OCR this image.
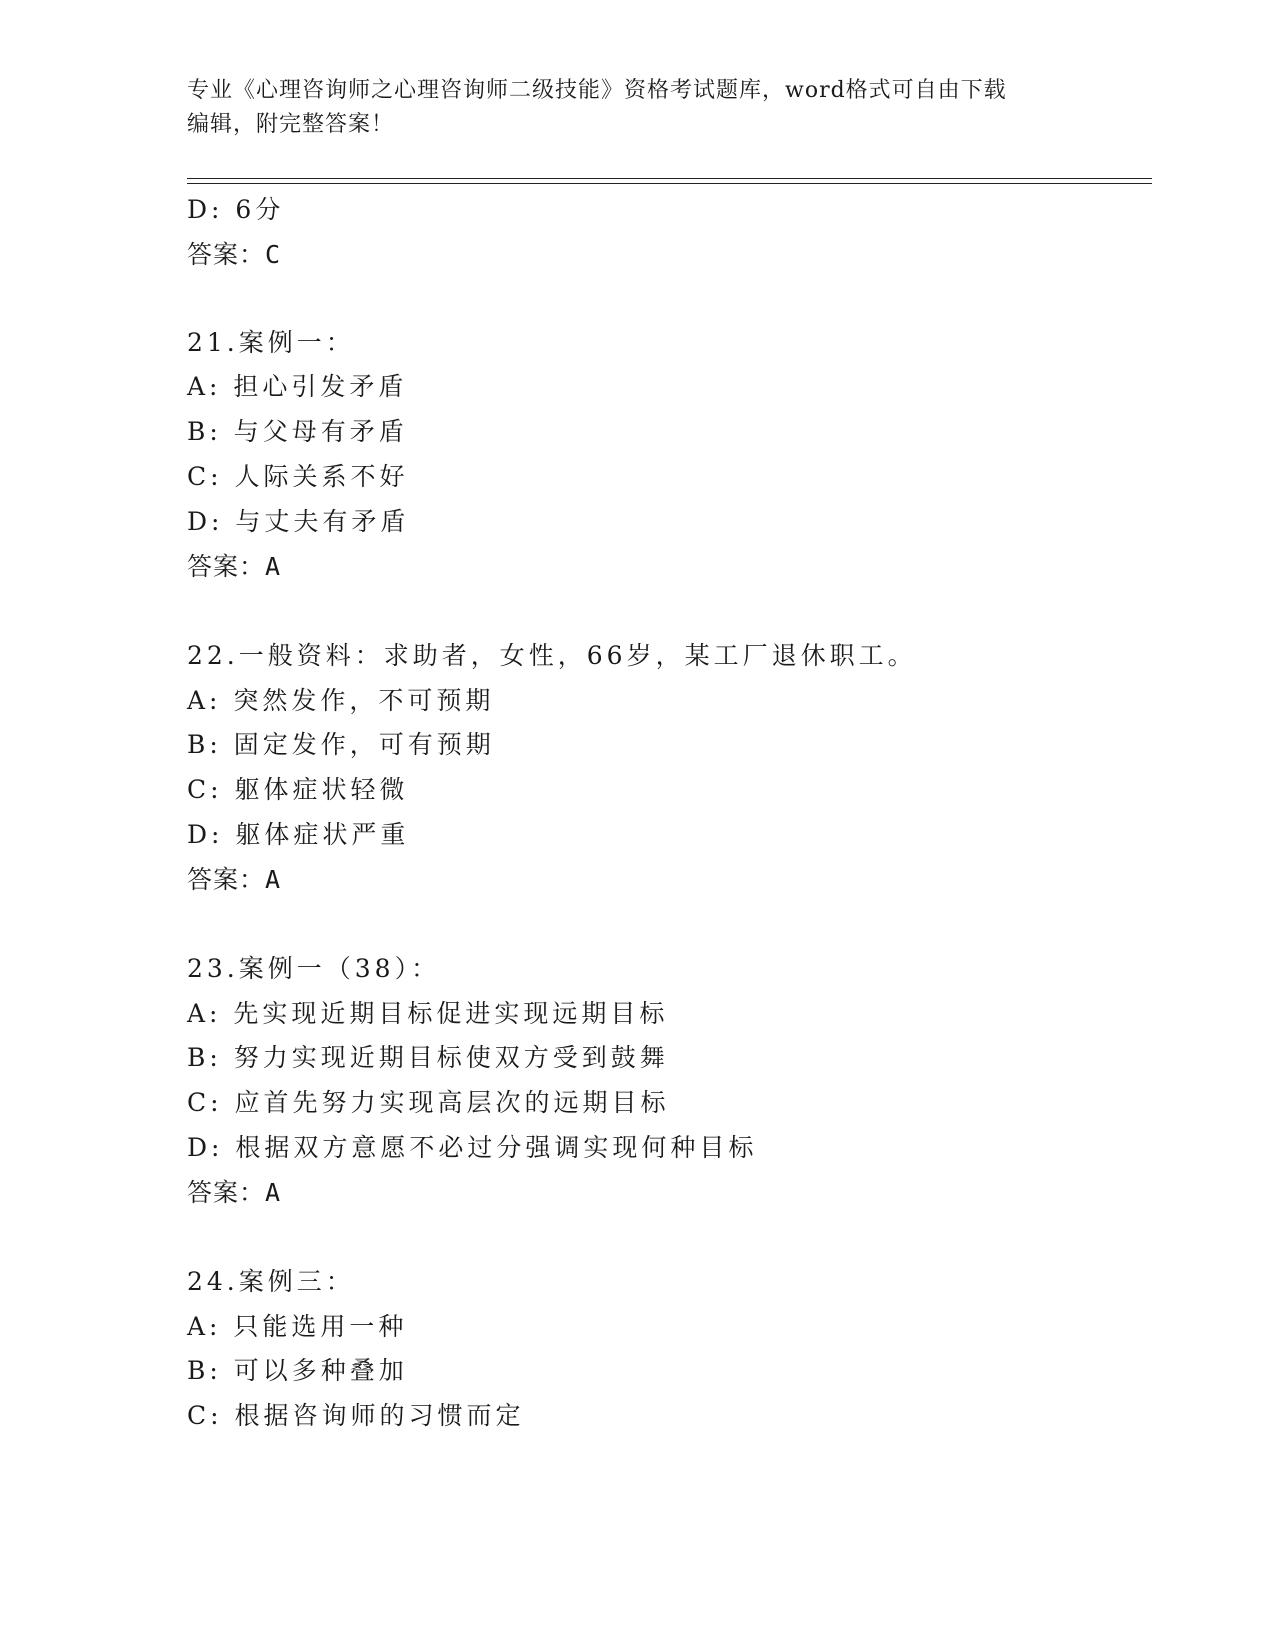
专业《心理咨询师之心理咨询师二级技能》资格考试题库，word格式可自由下载
编辑，附完整答案！
D: 6分
答案：C
21.案例一：
A: 担心引发矛盾
B: 与父母有矛盾
C: 人际关系不好
D: 与丈夫有矛盾
答案：A
22.一般资料：求助者，女性，66岁，某工厂退休职工。
A: 突然发作，不可预期
B: 固定发作，可有预期
C: 躯体症状轻微
D: 躯体症状严重
答案：A
23.案例一（38）：
A: 先实现近期目标促进实现远期目标
B: 努力实现近期目标使双方受到鼓舞
C: 应首先努力实现高层次的远期目标
D: 根据双方意愿不必过分强调实现何种目标
答案：A
24.案例三：
A: 只能选用一种
B: 可以多种叠加
C: 根据咨询师的习惯而定
